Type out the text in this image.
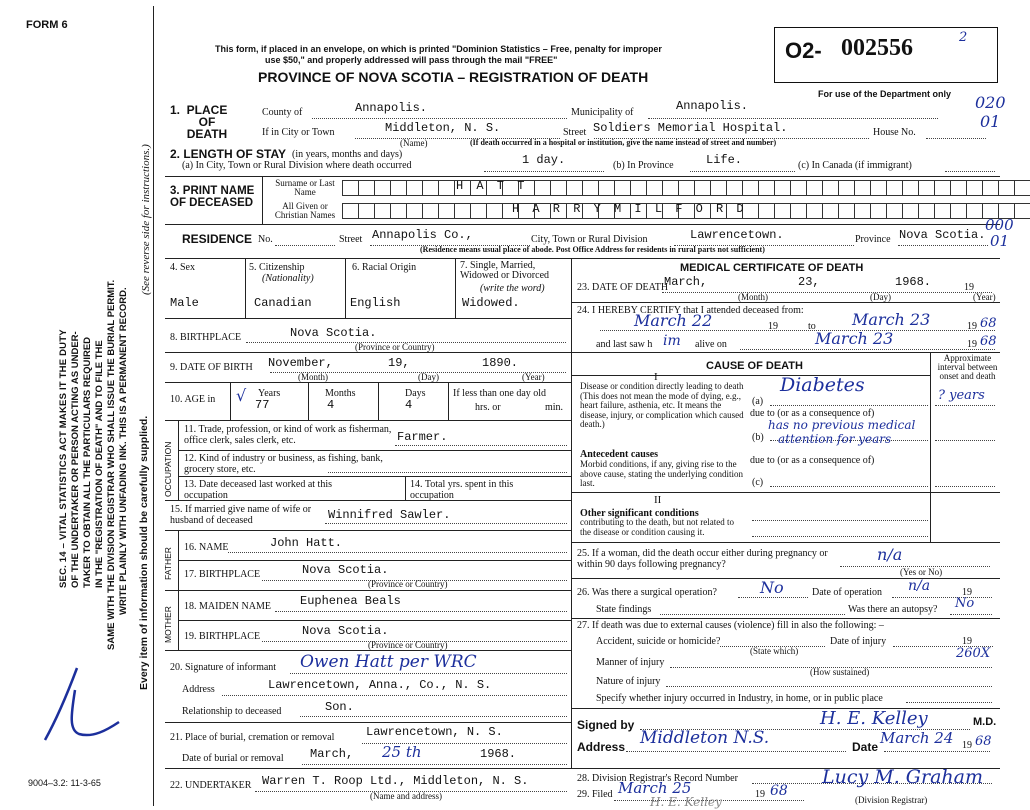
FORM 6
SEC. 14 – VITAL STATISTICS ACT MAKES IT THE DUTY OF THE UNDERTAKER OR PERSON ACTING AS UNDER- TAKER TO OBTAIN ALL THE PARTICULARS REQUIRED IN THE "REGISTRATION OF DEATH" AND TO FILE THE SAME WITH THE DIVISION REGISTRAR WHO SHALL ISSUE THE BURIAL PERMIT. WRITE PLAINLY WITH UNFADING INK. THIS IS A PERMANENT RECORD.
(See reverse side for instructions.)
Every item of information should be carefully supplied.
9004–3.2: 11-3-65
This form, if placed in an envelope, on which is printed "Dominion Statistics – Free, penalty for improper
use $50," and properly addressed will pass through the mail "FREE"
PROVINCE OF NOVA SCOTIA – REGISTRATION OF DEATH
O2- 002556	2
For use of the Department only
1. PLACE OF DEATH
County of	Annapolis.	Municipality of	Annapolis.	020
01
If in City or Town	Middleton, N. S.
(Name)
Street Soldiers Memorial Hospital.	House No.
(If death occurred in a hospital or institution, give the name instead of street and number)
2. LENGTH OF STAY (in years, months and days)
(a) In City, Town or Rural Division where death occurred	1 day.	(b) In Province	Life.	(c) In Canada (if immigrant)
3. PRINT NAME OF DECEASED
Surname or Last Name	H A T T
All Given or Christian Names	H A R R Y M I L F O R D
RESIDENCE No.	Street Annapolis Co.,	City, Town or Rural Division	Lawrencetown.	Province Nova Scotia.
000
01
(Residence means usual place of abode. Post Office Address for residents in rural parts not sufficient)
4. Sex
Male
5. Citizenship
(Nationality)
Canadian
6. Racial Origin
English
7. Single, Married, Widowed or Divorced
(write the word)
Widowed.
8. BIRTHPLACE	Nova Scotia.
(Province or Country)
9. DATE OF BIRTH November,	19,	1890.
(Month)	(Day)	(Year)
10. AGE in √ Years
77
Months
4
Days
4
If less than one day old
hrs. or	min.
OCCUPATION
11. Trade, profession, or kind of work as fisherman, office clerk, sales clerk, etc.	Farmer.
12. Kind of industry or business, as fishing, bank, grocery store, etc.
13. Date deceased last worked at this occupation
14. Total yrs. spent in this occupation
15. If married give name of wife or husband of deceased	Winnifred Sawler.
FATHER 16. NAME	John Hatt.
17. BIRTHPLACE	Nova Scotia.
(Province or Country)
MOTHER 18. MAIDEN NAME Euphenea Beals
19. BIRTHPLACE	Nova Scotia.
(Province or Country)
20. Signature of informant Owen Hatt per WRC
Address	Lawrencetown, Anna., Co., N. S.
Relationship to deceased	Son.
21. Place of burial, cremation or removal	Lawrencetown, N. S.
Date of burial or removal March, 25 th	1968.
22. UNDERTAKER Warren T. Roop Ltd., Middleton, N. S.
(Name and address)
MEDICAL CERTIFICATE OF DEATH
23. DATE OF DEATH
March,	23,	1968.	19
(Month)	(Day)	(Year)
24. I HEREBY CERTIFY that I attended deceased from:
March 22	19	to March 23	19 68
and last saw h im alive on	March 23	19 68
CAUSE OF DEATH
Approximate interval between onset and death
I
Disease or condition directly leading to death (This does not mean the mode of dying, e.g., heart failure, asthenia, etc. It means the disease, injury, or complication which caused death.)
(a)
Diabetes	? years
due to (or as a consequence of)
(b)
has no previous medical
attention for years
Antecedent causes
Morbid conditions, if any, giving rise to the above cause, stating the underlying condition last.
due to (or as a consequence of)
(c)
II
Other significant conditions
contributing to the death, but not related to the disease or condition causing it.
25. If a woman, did the death occur either during pregnancy or within 90 days following pregnancy?
n/a
(Yes or No)
26. Was there a surgical operation?	No	Date of operation n/a	19
State findings	Was there an autopsy? No
27. If death was due to external causes (violence) fill in also the following: –
Accident, suicide or homicide?
(State which)
Date of injury	19
Manner of injury
(How sustained)
260X
Nature of injury
Specify whether injury occurred in Industry, in home, or in public place
Signed by	H. E. Kelley	M.D.
Address Middleton N.S.	Date March 24 19 68
28. Division Registrar's Record Number
29. Filed March 25	19 68
Lucy M. Graham
(Division Registrar)
H. E. Kelley
